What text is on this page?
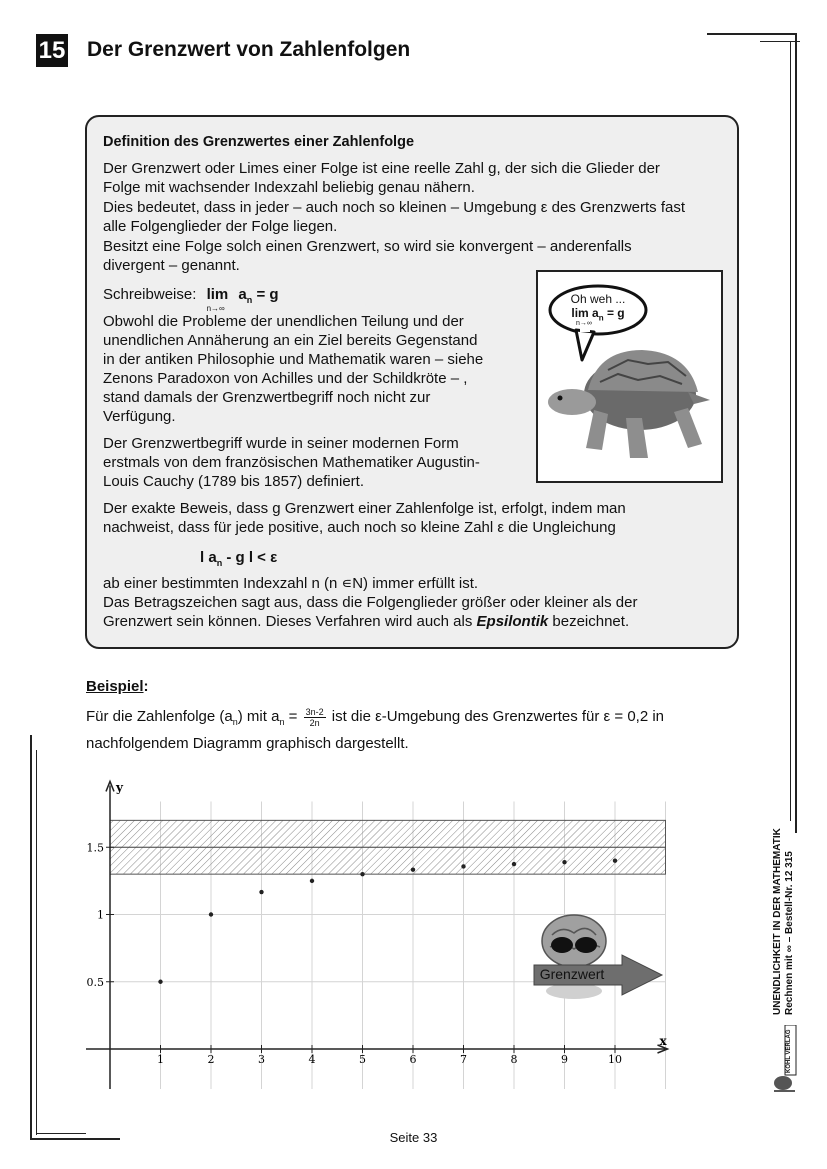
15 Der Grenzwert von Zahlenfolgen
Definition des Grenzwertes einer Zahlenfolge
Der Grenzwert oder Limes einer Folge ist eine reelle Zahl g, der sich die Glieder der
Folge mit wachsender Indexzahl beliebig genau nähern.
Dies bedeutet, dass in jeder – auch noch so kleinen – Umgebung ε des Grenzwerts fast
alle Folgenglieder der Folge liegen.
Besitzt eine Folge solch einen Grenzwert, so wird sie konvergent – anderenfalls
divergent – genannt.
Schreibweise: lim
n→∞
$a_n = g$
Obwohl die Probleme der unendlichen Teilung und der
unendlichen Annäherung an ein Ziel bereits Gegenstand
in der antiken Philosophie und Mathematik waren – siehe
Zenons Paradoxon von Achilles und der Schildkröte – ,
stand damals der Grenzwertbegriff noch nicht zur
Verfügung.
Der Grenzwertbegriff wurde in seiner modernen Form
erstmals von dem französischen Mathematiker Augustin-
Louis Cauchy (1789 bis 1857) definiert.
Der exakte Beweis, dass g Grenzwert einer Zahlenfolge ist, erfolgt, indem man
nachweist, dass für jede positive, auch noch so kleine Zahl ε die Ungleichung
l $a_n$ - g l < ε
ab einer bestimmten Indexzahl n (n ∊N) immer erfüllt ist.
Das Betragszeichen sagt aus, dass die Folgenglieder größer oder kleiner als der
Grenzwert sein können. Dieses Verfahren wird auch als Epsilontik bezeichnet.
Oh weh ...
$\lim a_n = g$
n→∞
Beispiel:
Für die Zahlenfolge $(a_n)$ mit $a_n = \frac{3n-2}{2n}$ ist die ε-Umgebung des Grenzwertes für ε = 0,2 in
nachfolgendem Diagramm graphisch dargestellt.
y
x
1	2	3	4	5	6	7	8	9	10
0.5
1
1.5
Grenzwert	UNENDLICHKEIT IN DER MATHEMATIK Rechnen mit ∞ – Bestell-Nr. 12 315
KOHL VERLAG
Seite 33
